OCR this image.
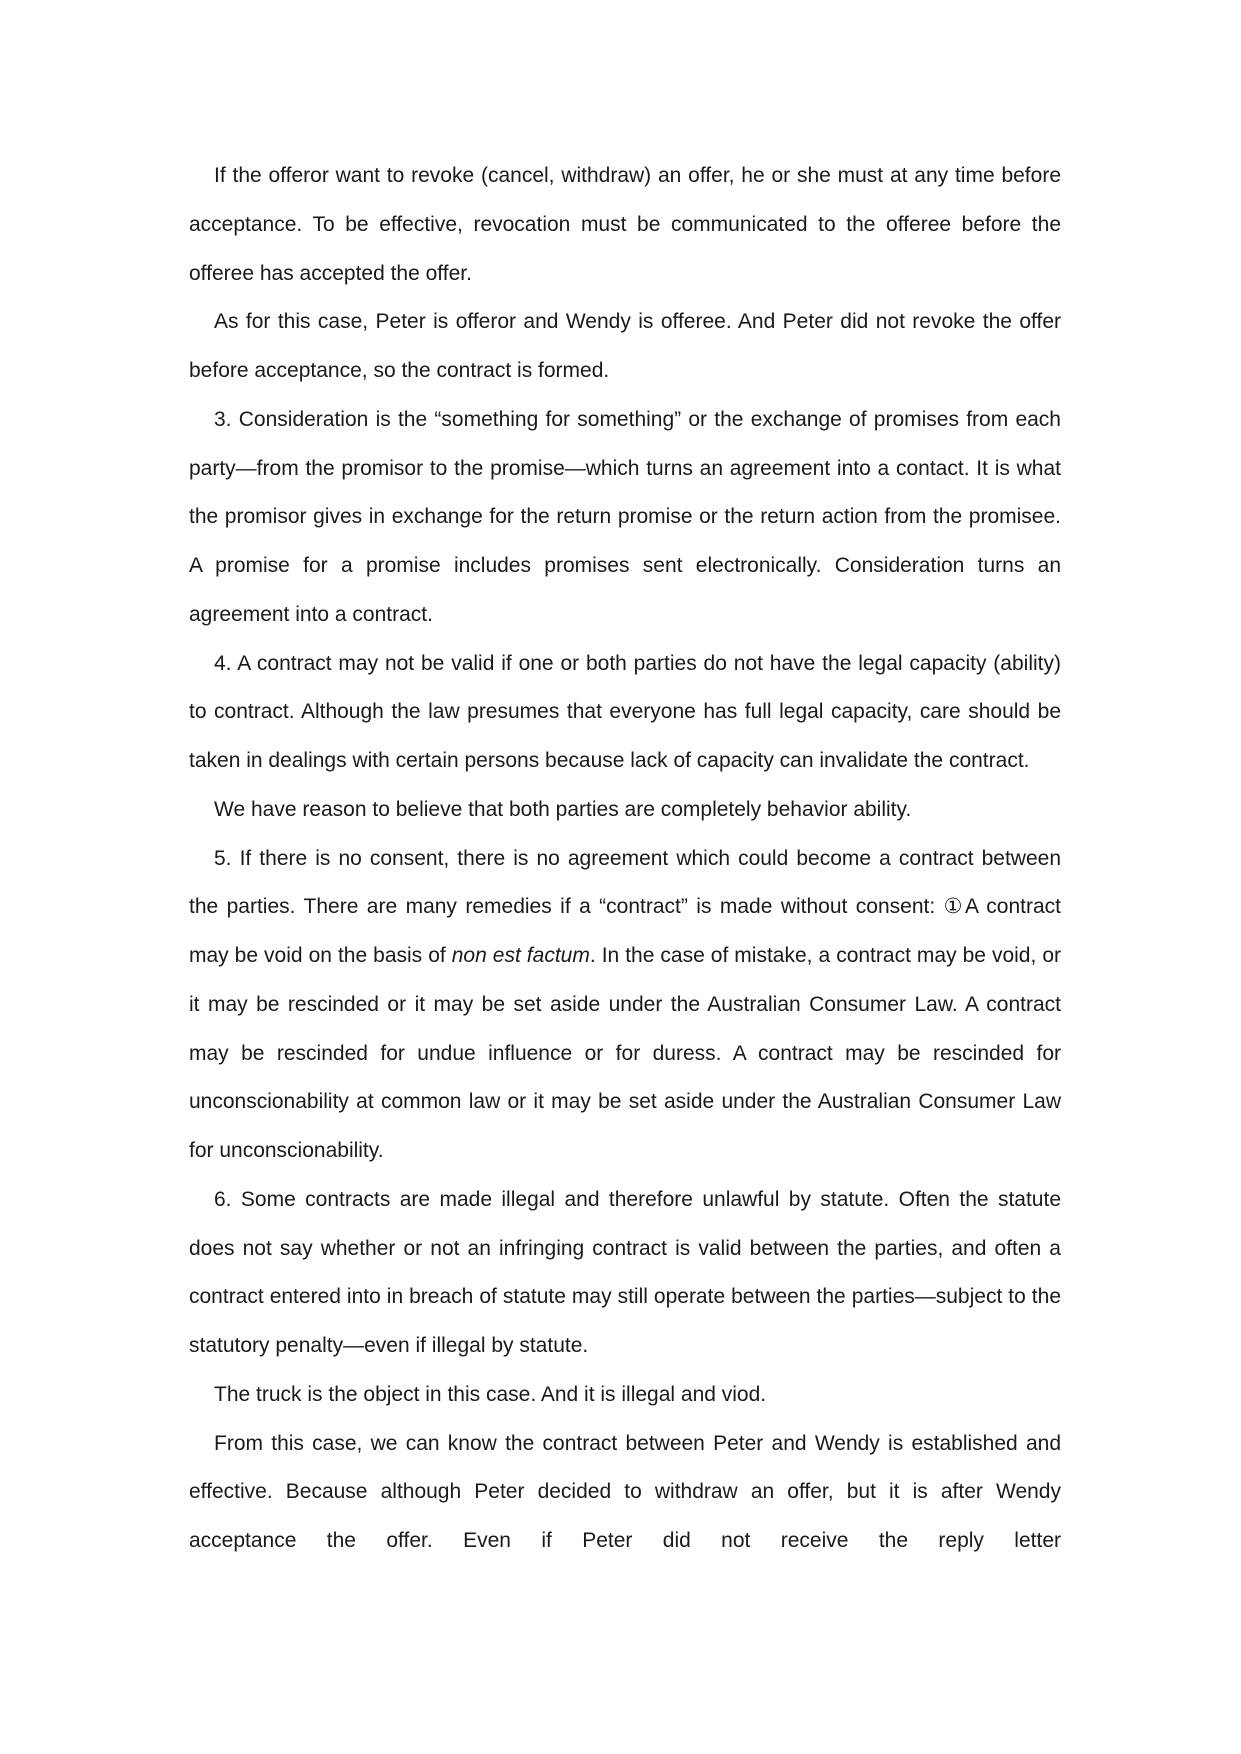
If the offeror want to revoke (cancel, withdraw) an offer, he or she must at any time before acceptance. To be effective, revocation must be communicated to the offeree before the offeree has accepted the offer.

As for this case, Peter is offeror and Wendy is offeree. And Peter did not revoke the offer before acceptance, so the contract is formed.

3. Consideration is the “something for something” or the exchange of promises from each party—from the promisor to the promise—which turns an agreement into a contact. It is what the promisor gives in exchange for the return promise or the return action from the promisee. A promise for a promise includes promises sent electronically. Consideration turns an agreement into a contract.

4. A contract may not be valid if one or both parties do not have the legal capacity (ability) to contract. Although the law presumes that everyone has full legal capacity, care should be taken in dealings with certain persons because lack of capacity can invalidate the contract.

We have reason to believe that both parties are completely behavior ability.

5. If there is no consent, there is no agreement which could become a contract between the parties. There are many remedies if a “contract” is made without consent: ①A contract may be void on the basis of non est factum. In the case of mistake, a contract may be void, or it may be rescinded or it may be set aside under the Australian Consumer Law. A contract may be rescinded for undue influence or for duress. A contract may be rescinded for unconscionability at common law or it may be set aside under the Australian Consumer Law for unconscionability.

6. Some contracts are made illegal and therefore unlawful by statute. Often the statute does not say whether or not an infringing contract is valid between the parties, and often a contract entered into in breach of statute may still operate between the parties—subject to the statutory penalty—even if illegal by statute.

The truck is the object in this case. And it is illegal and viod.

From this case, we can know the contract between Peter and Wendy is established and effective. Because although Peter decided to withdraw an offer, but it is after Wendy acceptance the offer. Even if Peter did not receive the reply letter
